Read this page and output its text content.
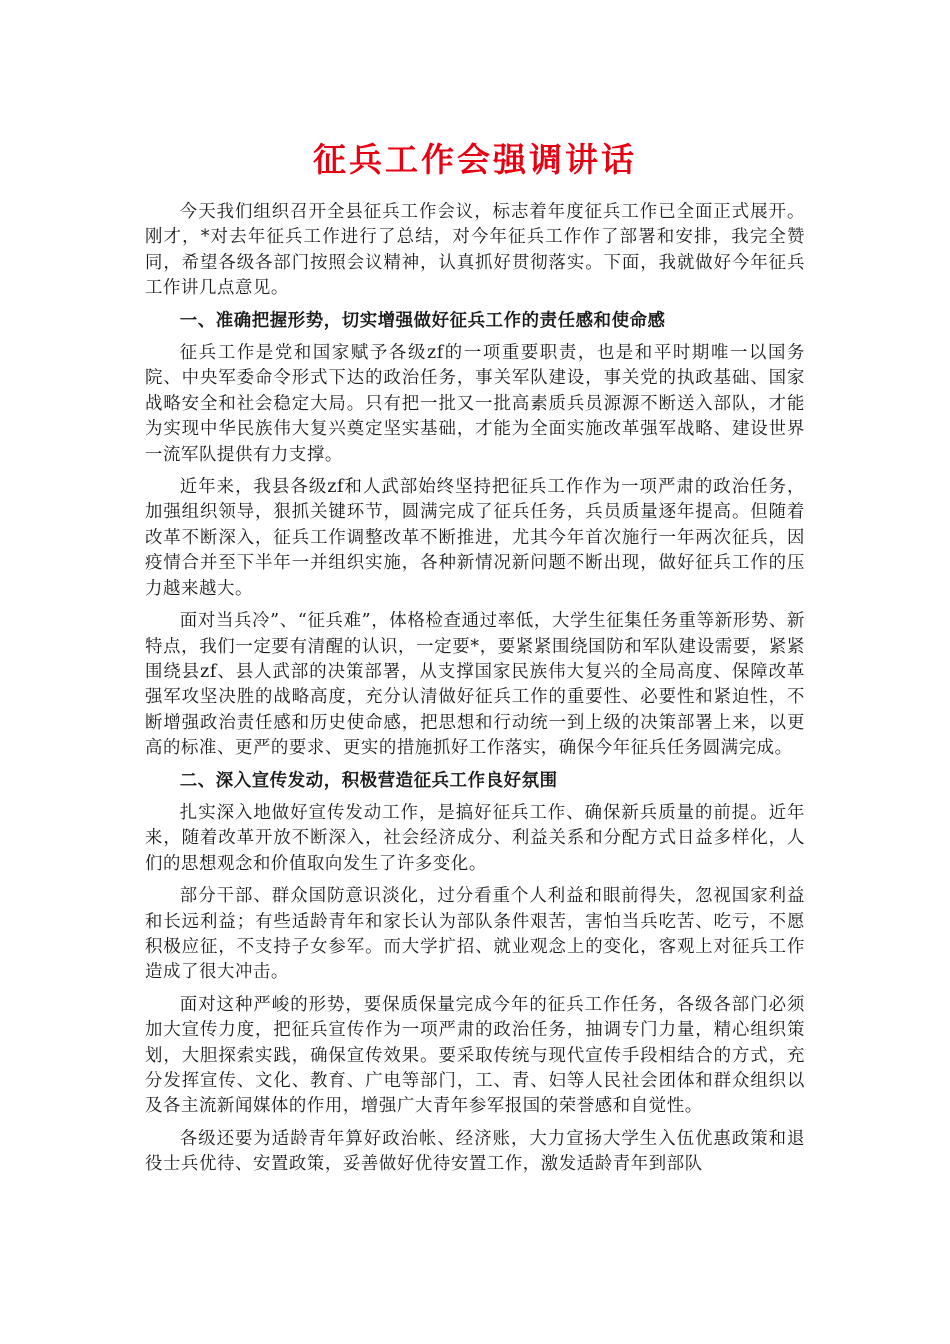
征兵工作会强调讲话

今天我们组织召开全县征兵工作会议，标志着年度征兵工作已全面正式展开。刚才，*对去年征兵工作进行了总结，对今年征兵工作作了部署和安排，我完全赞同，希望各级各部门按照会议精神，认真抓好贯彻落实。下面，我就做好今年征兵工作讲几点意见。

一、准确把握形势，切实增强做好征兵工作的责任感和使命感

征兵工作是党和国家赋予各级zf的一项重要职责，也是和平时期唯一以国务院、中央军委命令形式下达的政治任务，事关军队建设，事关党的执政基础、国家战略安全和社会稳定大局。只有把一批又一批高素质兵员源源不断送入部队，才能为实现中华民族伟大复兴奠定坚实基础，才能为全面实施改革强军战略、建设世界一流军队提供有力支撑。

近年来，我县各级zf和人武部始终坚持把征兵工作作为一项严肃的政治任务，加强组织领导，狠抓关键环节，圆满完成了征兵任务，兵员质量逐年提高。但随着改革不断深入，征兵工作调整改革不断推进，尤其今年首次施行一年两次征兵，因疫情合并至下半年一并组织实施，各种新情况新问题不断出现，做好征兵工作的压力越来越大。

面对当兵冷”、“征兵难”，体格检查通过率低，大学生征集任务重等新形势、新特点，我们一定要有清醒的认识，一定要*，要紧紧围绕国防和军队建设需要，紧紧围绕县zf、县人武部的决策部署，从支撑国家民族伟大复兴的全局高度、保障改革强军攻坚决胜的战略高度，充分认清做好征兵工作的重要性、必要性和紧迫性，不断增强政治责任感和历史使命感，把思想和行动统一到上级的决策部署上来，以更高的标准、更严的要求、更实的措施抓好工作落实，确保今年征兵任务圆满完成。

二、深入宣传发动，积极营造征兵工作良好氛围

扎实深入地做好宣传发动工作，是搞好征兵工作、确保新兵质量的前提。近年来，随着改革开放不断深入，社会经济成分、利益关系和分配方式日益多样化，人们的思想观念和价值取向发生了许多变化。

部分干部、群众国防意识淡化，过分看重个人利益和眼前得失，忽视国家利益和长远利益；有些适龄青年和家长认为部队条件艰苦，害怕当兵吃苦、吃亏，不愿积极应征，不支持子女参军。而大学扩招、就业观念上的变化，客观上对征兵工作造成了很大冲击。

面对这种严峻的形势，要保质保量完成今年的征兵工作任务，各级各部门必须加大宣传力度，把征兵宣传作为一项严肃的政治任务，抽调专门力量，精心组织策划，大胆探索实践，确保宣传效果。要采取传统与现代宣传手段相结合的方式，充分发挥宣传、文化、教育、广电等部门，工、青、妇等人民社会团体和群众组织以及各主流新闻媒体的作用，增强广大青年参军报国的荣誉感和自觉性。

各级还要为适龄青年算好政治帐、经济账，大力宣扬大学生入伍优惠政策和退役士兵优待、安置政策，妥善做好优待安置工作，激发适龄青年到部队
